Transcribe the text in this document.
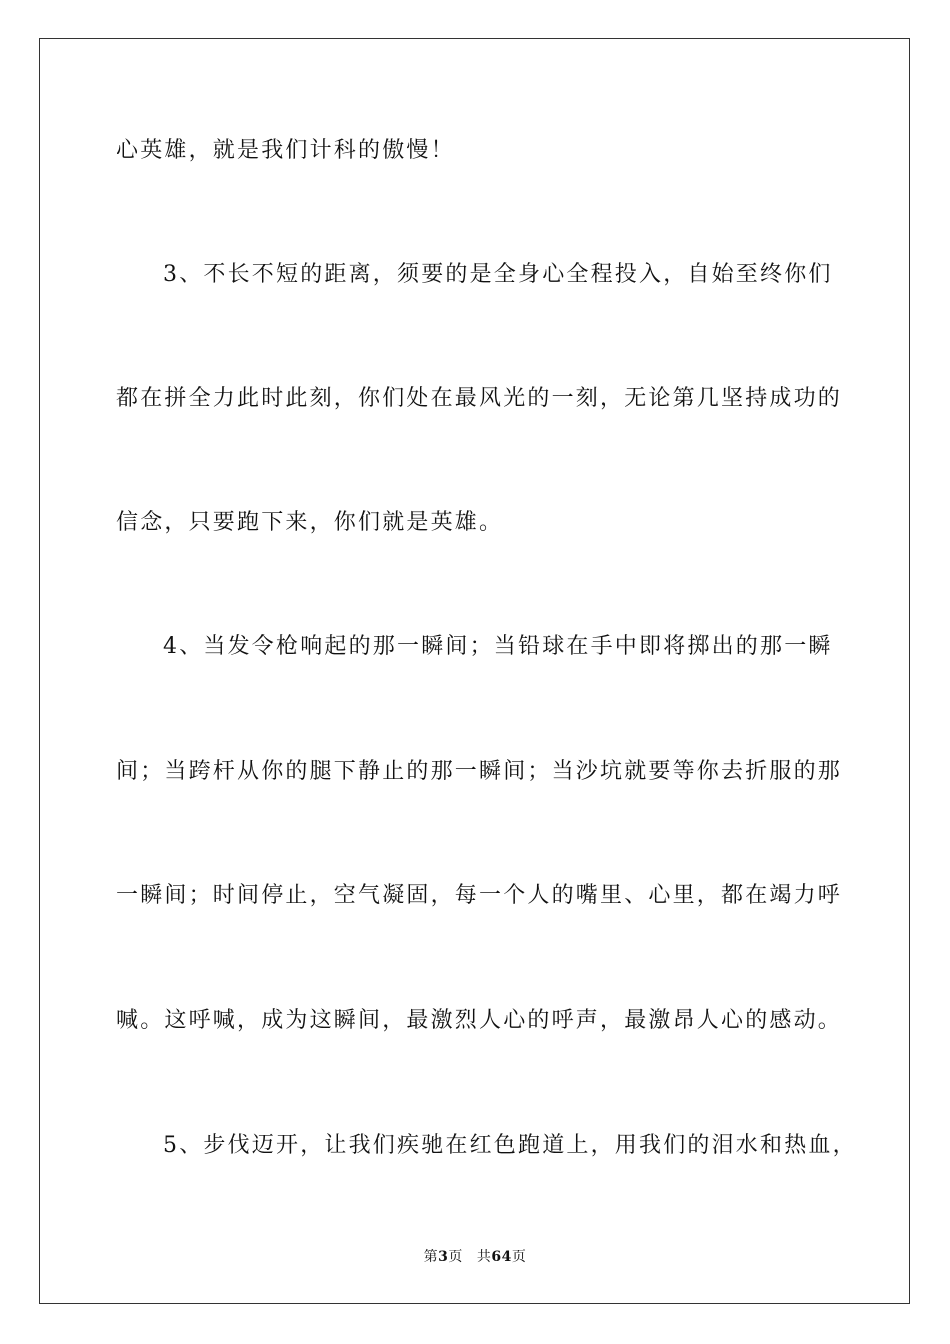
心英雄，就是我们计科的傲慢！
3、不长不短的距离，须要的是全身心全程投入，自始至终你们
都在拼全力此时此刻，你们处在最风光的一刻，无论第几坚持成功的
信念，只要跑下来，你们就是英雄。
4、当发令枪响起的那一瞬间；当铅球在手中即将掷出的那一瞬
间；当跨杆从你的腿下静止的那一瞬间；当沙坑就要等你去折服的那
一瞬间；时间停止，空气凝固，每一个人的嘴里、心里，都在竭力呼
喊。这呼喊，成为这瞬间，最激烈人心的呼声，最激昂人心的感动。
5、步伐迈开，让我们疾驰在红色跑道上，用我们的泪水和热血，
第3页 共64页
